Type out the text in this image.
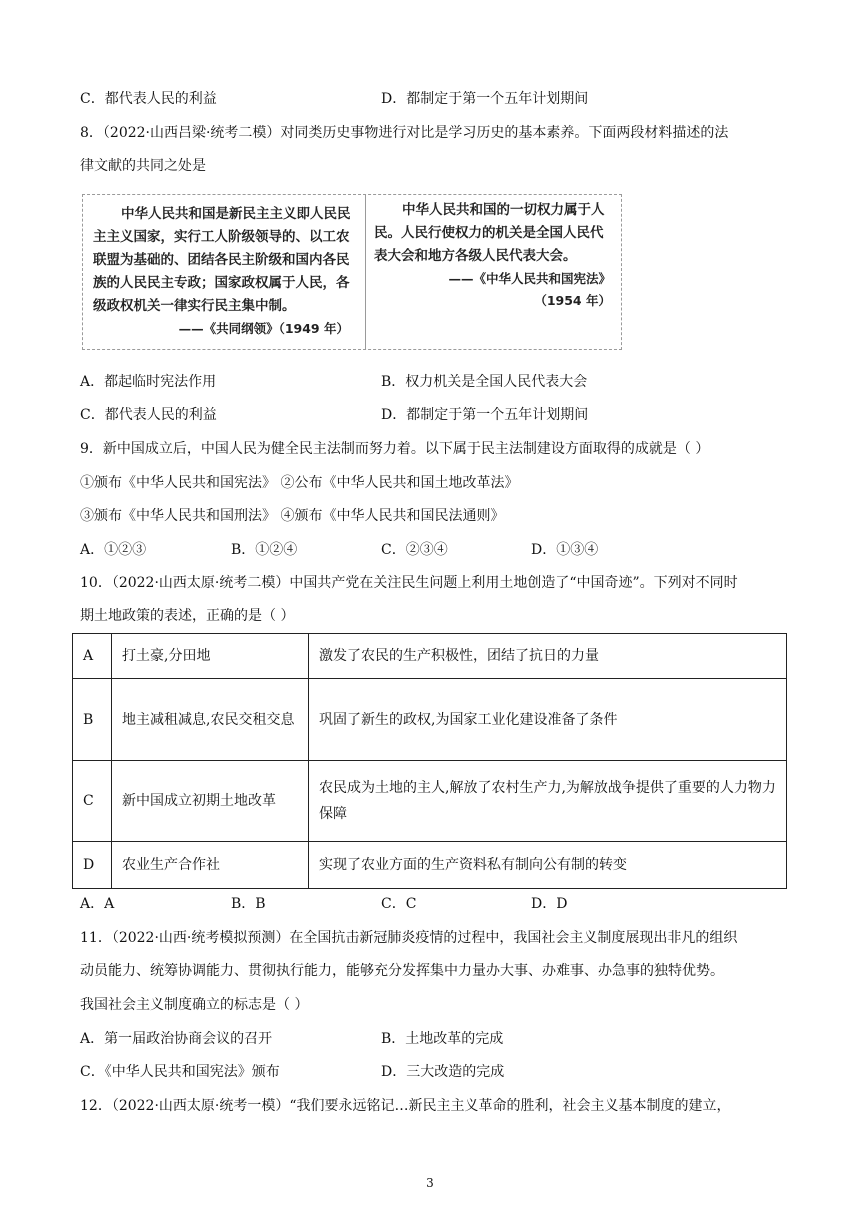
C．都代表人民的利益	D．都制定于第一个五年计划期间
8．（2022·山西吕梁·统考二模）对同类历史事物进行对比是学习历史的基本素养。下面两段材料描述的法
律文献的共同之处是
中华人民共和国是新民主主义即人民民主主义国家，实行工人阶级领导的、以工农联盟为基础的、团结各民主阶级和国内各民族的人民民主专政；国家政权属于人民，各级政权机关一律实行民主集中制。
——《共同纲领》（1949 年）
中华人民共和国的一切权力属于人民。人民行使权力的机关是全国人民代表大会和地方各级人民代表大会。
——《中华人民共和国宪法》
（1954 年）
A．都起临时宪法作用	B．权力机关是全国人民代表大会
C．都代表人民的利益	D．都制定于第一个五年计划期间
9．新中国成立后，中国人民为健全民主法制而努力着。以下属于民主法制建设方面取得的成就是（ ）
①颁布《中华人民共和国宪法》 ②公布《中华人民共和国土地改革法》
③颁布《中华人民共和国刑法》 ④颁布《中华人民共和国民法通则》
A．①②③	B．①②④	C．②③④	D．①③④
10．（2022·山西太原·统考二模）中国共产党在关注民生问题上利用土地创造了“中国奇迹”。下列对不同时
期土地政策的表述，正确的是（ ）
A	打土豪,分田地	激发了农民的生产积极性，团结了抗日的力量
B	地主减租减息,农民交租交息	巩固了新生的政权,为国家工业化建设准备了条件
C	新中国成立初期土地改革	农民成为土地的主人,解放了农村生产力,为解放战争提供了重要的人力物力保障
D	农业生产合作社	实现了农业方面的生产资料私有制向公有制的转变
A．A	B．B	C．C	D．D
11．（2022·山西·统考模拟预测）在全国抗击新冠肺炎疫情的过程中，我国社会主义制度展现出非凡的组织
动员能力、统筹协调能力、贯彻执行能力，能够充分发挥集中力量办大事、办难事、办急事的独特优势。
我国社会主义制度确立的标志是（ ）
A．第一届政治协商会议的召开	B．土地改革的完成
C．《中华人民共和国宪法》颁布	D．三大改造的完成
12．（2022·山西太原·统考一模）“我们要永远铭记…新民主主义革命的胜利，社会主义基本制度的建立，
3
